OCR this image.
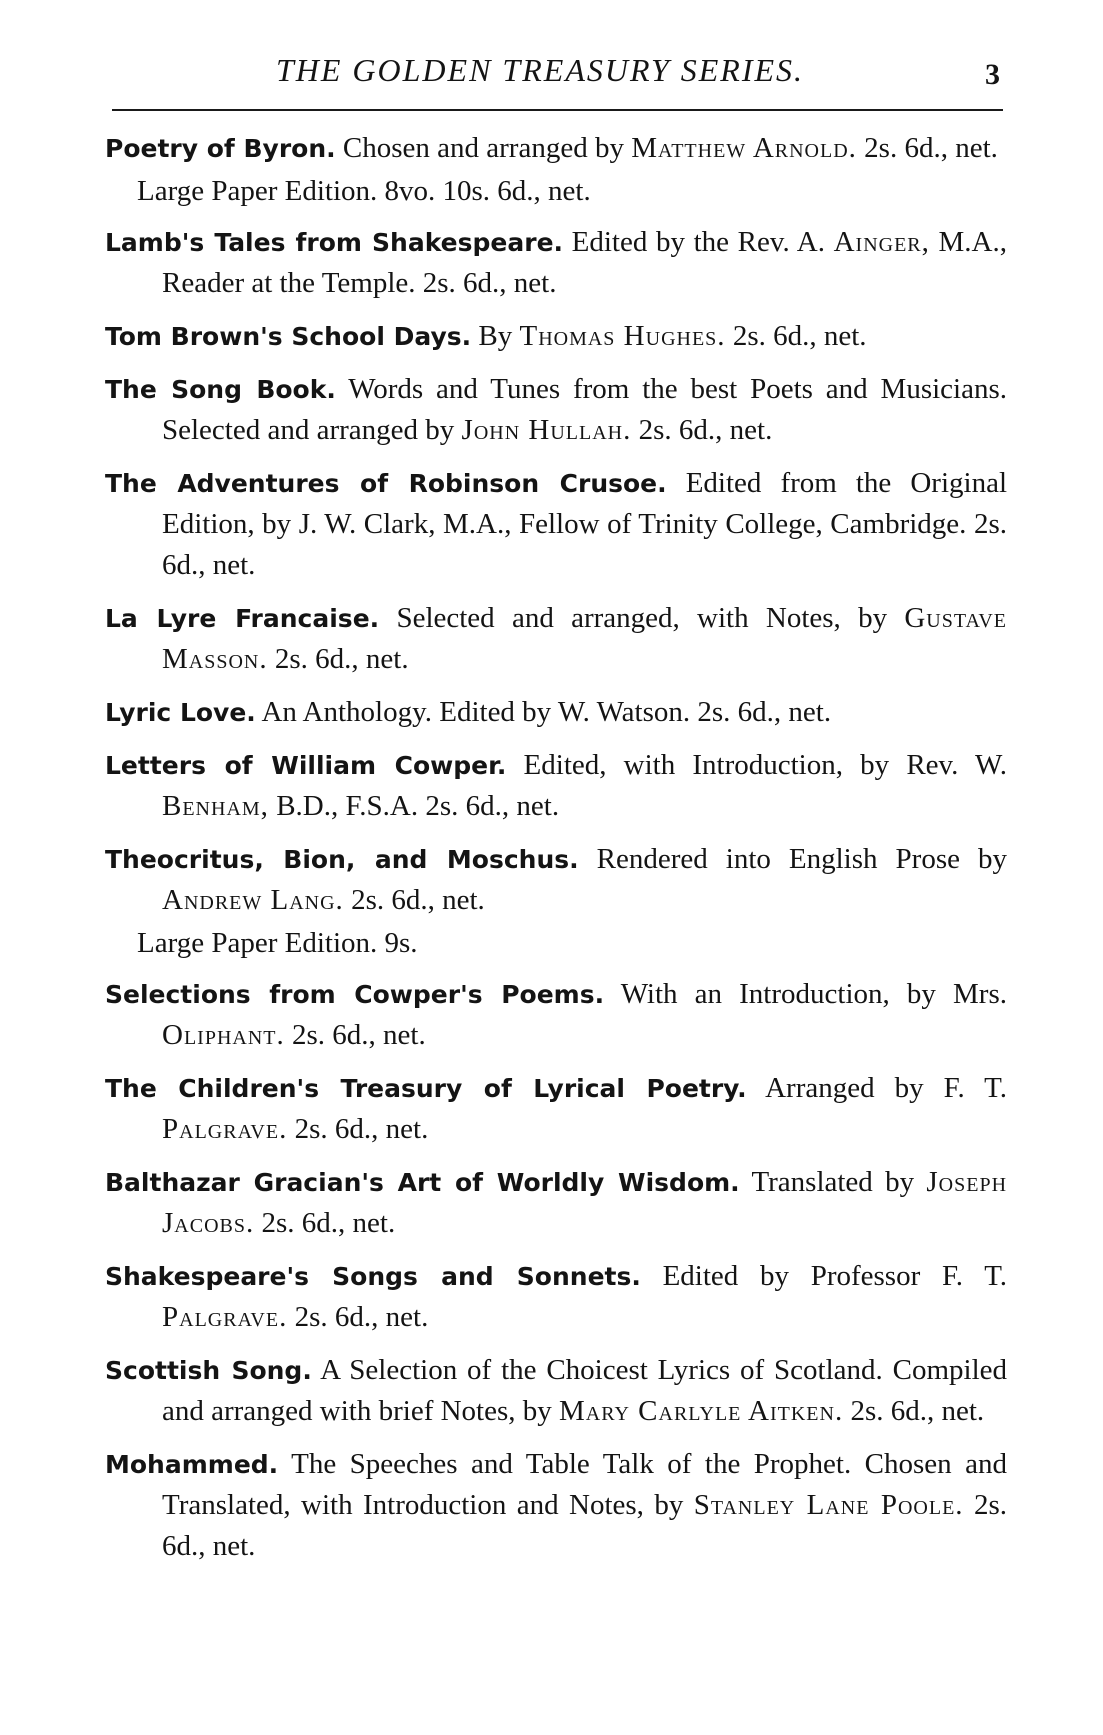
THE GOLDEN TREASURY SERIES.	3
Poetry of Byron. Chosen and arranged by Matthew Arnold. 2s. 6d., net.
Large Paper Edition. 8vo. 10s. 6d., net.
Lamb's Tales from Shakespeare. Edited by the Rev. A. Ainger, M.A., Reader at the Temple. 2s. 6d., net.
Tom Brown's School Days. By Thomas Hughes. 2s. 6d., net.
The Song Book. Words and Tunes from the best Poets and Musicians. Selected and arranged by John Hullah. 2s. 6d., net.
The Adventures of Robinson Crusoe. Edited from the Original Edition, by J. W. Clark, M.A., Fellow of Trinity College, Cambridge. 2s. 6d., net.
La Lyre Francaise. Selected and arranged, with Notes, by Gustave Masson. 2s. 6d., net.
Lyric Love. An Anthology. Edited by W. Watson. 2s. 6d., net.
Letters of William Cowper. Edited, with Introduction, by Rev. W. Benham, B.D., F.S.A. 2s. 6d., net.
Theocritus, Bion, and Moschus. Rendered into English Prose by Andrew Lang. 2s. 6d., net.
Large Paper Edition. 9s.
Selections from Cowper's Poems. With an Introduction, by Mrs. Oliphant. 2s. 6d., net.
The Children's Treasury of Lyrical Poetry. Arranged by F. T. Palgrave. 2s. 6d., net.
Balthazar Gracian's Art of Worldly Wisdom. Translated by Joseph Jacobs. 2s. 6d., net.
Shakespeare's Songs and Sonnets. Edited by Professor F. T. Palgrave. 2s. 6d., net.
Scottish Song. A Selection of the Choicest Lyrics of Scotland. Compiled and arranged with brief Notes, by Mary Carlyle Aitken. 2s. 6d., net.
Mohammed. The Speeches and Table Talk of the Prophet. Chosen and Translated, with Introduction and Notes, by Stanley Lane Poole. 2s. 6d., net.
